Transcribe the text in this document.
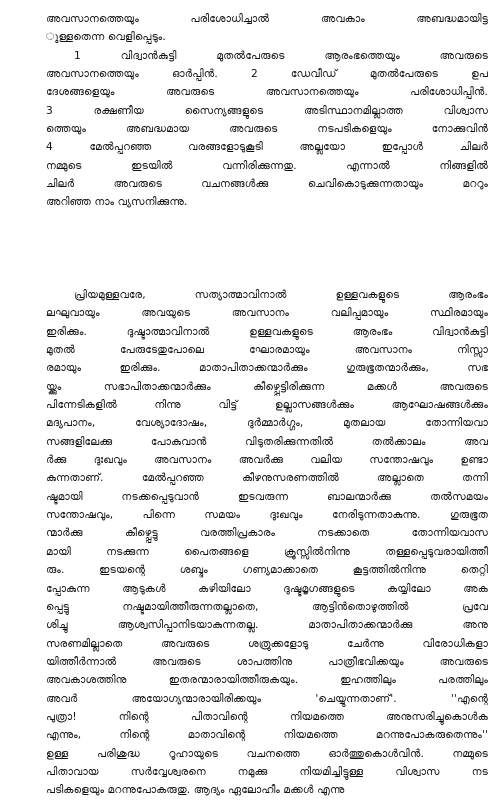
അവസാനത്തെയും പരിശോധിച്ചാൽ അവകാം അബദ്ധമായിട്ട
ുള്ളതെന്ന വെളിപ്പെടും.
1 വിദ്വാൻകുട്ടി മുതൽപേരുടെ ആരംഭത്തെയും അവരുടെ
അവസാനത്തെയും ഓർപ്പിൻ. 2 ഡേവീഡ് മുതൽപേരുടെ ഉപ
ദേശങ്ങളെയും അവരുടെ അവസാനത്തെയും പരിശോധിപ്പിൻ.
3 രക്ഷണീയ സൈന്യങ്ങളുടെ അടിസ്ഥാനമില്ലാത്ത വിശ്വാസ
ത്തെയും അബദ്ധമായ അവരുടെ നടപടികളെയും നോക്കുവിൻ
4 മേൽപ്പറഞ്ഞ വരങ്ങളോടുകൂടി അല്ലയോ ഇപ്പോൾ ചിലർ
നമ്മുടെ ഇടയിൽ വന്നിരിക്കുന്നതു. എന്നാൽ നിങ്ങളിൽ
ചിലർ അവരുടെ വചനങ്ങൾക്കു ചെവികൊടുക്കുന്നതായും മററും
അറിഞ്ഞ നാം വ്യസനിക്കുന്നു.
പ്രിയമുള്ളവരേ, സത്യാത്മാവിനാൽ ഉള്ളവകളുടെ ആരംഭം
ലഘുവായും അവയുടെ അവസാനം വലിപ്പമായും സ്ഥിരമായും
ഇരിക്കും. ദുഷ്ടാത്മാവിനാൽ ഉള്ളവകളുടെ ആരംഭം വിദ്വാൻകുട്ടി
മുതൽ പേരുടേതുപോലെ ഘോരമായും അവസാനം നിസ്സാ
രമായും ഇരിക്കും. മാതാപിതാക്കന്മാർക്കും ഗുരുഭൂതന്മാർക്കും, സഭ
യ്ക്കും സഭാപിതാക്കന്മാർക്കും കീഴ്പ്പെട്ടിരിക്കുന്ന മക്കൾ അവരുടെ
പിന്നേടികളിൽ നിന്നു വിട്ട് ഉല്ലാസങ്ങൾക്കും ആഘോഷങ്ങൾക്കും
മദ്യപാനം, വേശ്യാദോഷം, ദുർമ്മാർഗ്ഗം, മുതലായ തോന്നിയവാ
സങ്ങളിലേക്കു പോകുവാൻ വിടുതരിക്കുന്നതിൽ തൽക്കാലം അവ
ർക്കു ദുഃഖവും അവസാനം അവർക്കു വലിയ സന്തോഷവും ഉണ്ടാ
കുന്നതാണ്. മേൽപ്പറഞ്ഞ കീഴനുസരണത്തിൽ അല്ലാതെ തന്നി
ഷ്ടമായി നടക്കപ്പെടുവാൻ ഇടവരുന്ന ബാലന്മാർക്കു തൽസമയം
സന്തോഷവും, പിന്നെ സമയം ദുഃഖവും നേരിടുന്നതാകുന്നു. ഗുരുഭൂത
ന്മാർക്കു കീഴ്പ്പെട്ടു വരത്തിപ്രകാരം നടക്കാതെ തോന്നിയവാസ
മായി നടക്കുന്ന പൈതങ്ങളെ ക്രൂസ്സിൽനിന്നു തള്ളപ്പെടുവരായിത്തീ
രും. ഇടയന്റെ ശബ്ദം ഗണ്യമാക്കാതെ കൂട്ടത്തിൽനിന്നു തെറ്റി
പ്പോകുന്ന ആടുകൾ കഴിയിലോ ദുഷ്ടമൃഗങ്ങളുടെ കയ്യിലോ അക
പ്പെട്ടു നഷ്ടമായിത്തീരുന്നതല്ലാതെ, ആട്ടിൻതൊഴുത്തിൽ പ്രവേ
ശിച്ചു ആശ്വസിപ്പാനിടയാകുന്നതല്ല. മാതാപിതാക്കന്മാർക്കു അനു
സരണമില്ലാതെ അവരുടെ ശത്രുക്കളോടു ചേർന്നു വിരോധികളാ
യിത്തീർന്നാൽ അവരുടെ ശാപത്തിനു പാത്രീഭവിക്കയും അവരുടെ
അവകാശത്തിനു ഇതരന്മാരായിത്തീരുകയും. ഇഹത്തിലും പരത്തിലും
അവർ അയോഗ്യന്മാരായിരിക്കയും 'ചെയ്യുന്നതാണ്'. ''എന്റെ
പുത്രാ! നിന്റെ പിതാവിന്റെ നിയമത്തെ അനുസരിച്ചുകൊൾക
എന്നും, നിന്റെ മാതാവിന്റെ നിയമത്തെ മറന്നുപോകരുതെന്നും''
ഉള്ള പരിശുദ്ധ റൂഹായുടെ വചനത്തെ ഓർത്തുകൊൾവിൻ. നമ്മുടെ
പിതാവായ സർവ്വേശ്വരനെ നമുക്കു നിയമിച്ചിട്ടുള്ള വിശ്വാസ നട
പടികളെയും മറന്നുപോകരുതു. ആദ്യം ഏലോഹീം മക്കൾ എന്നു
